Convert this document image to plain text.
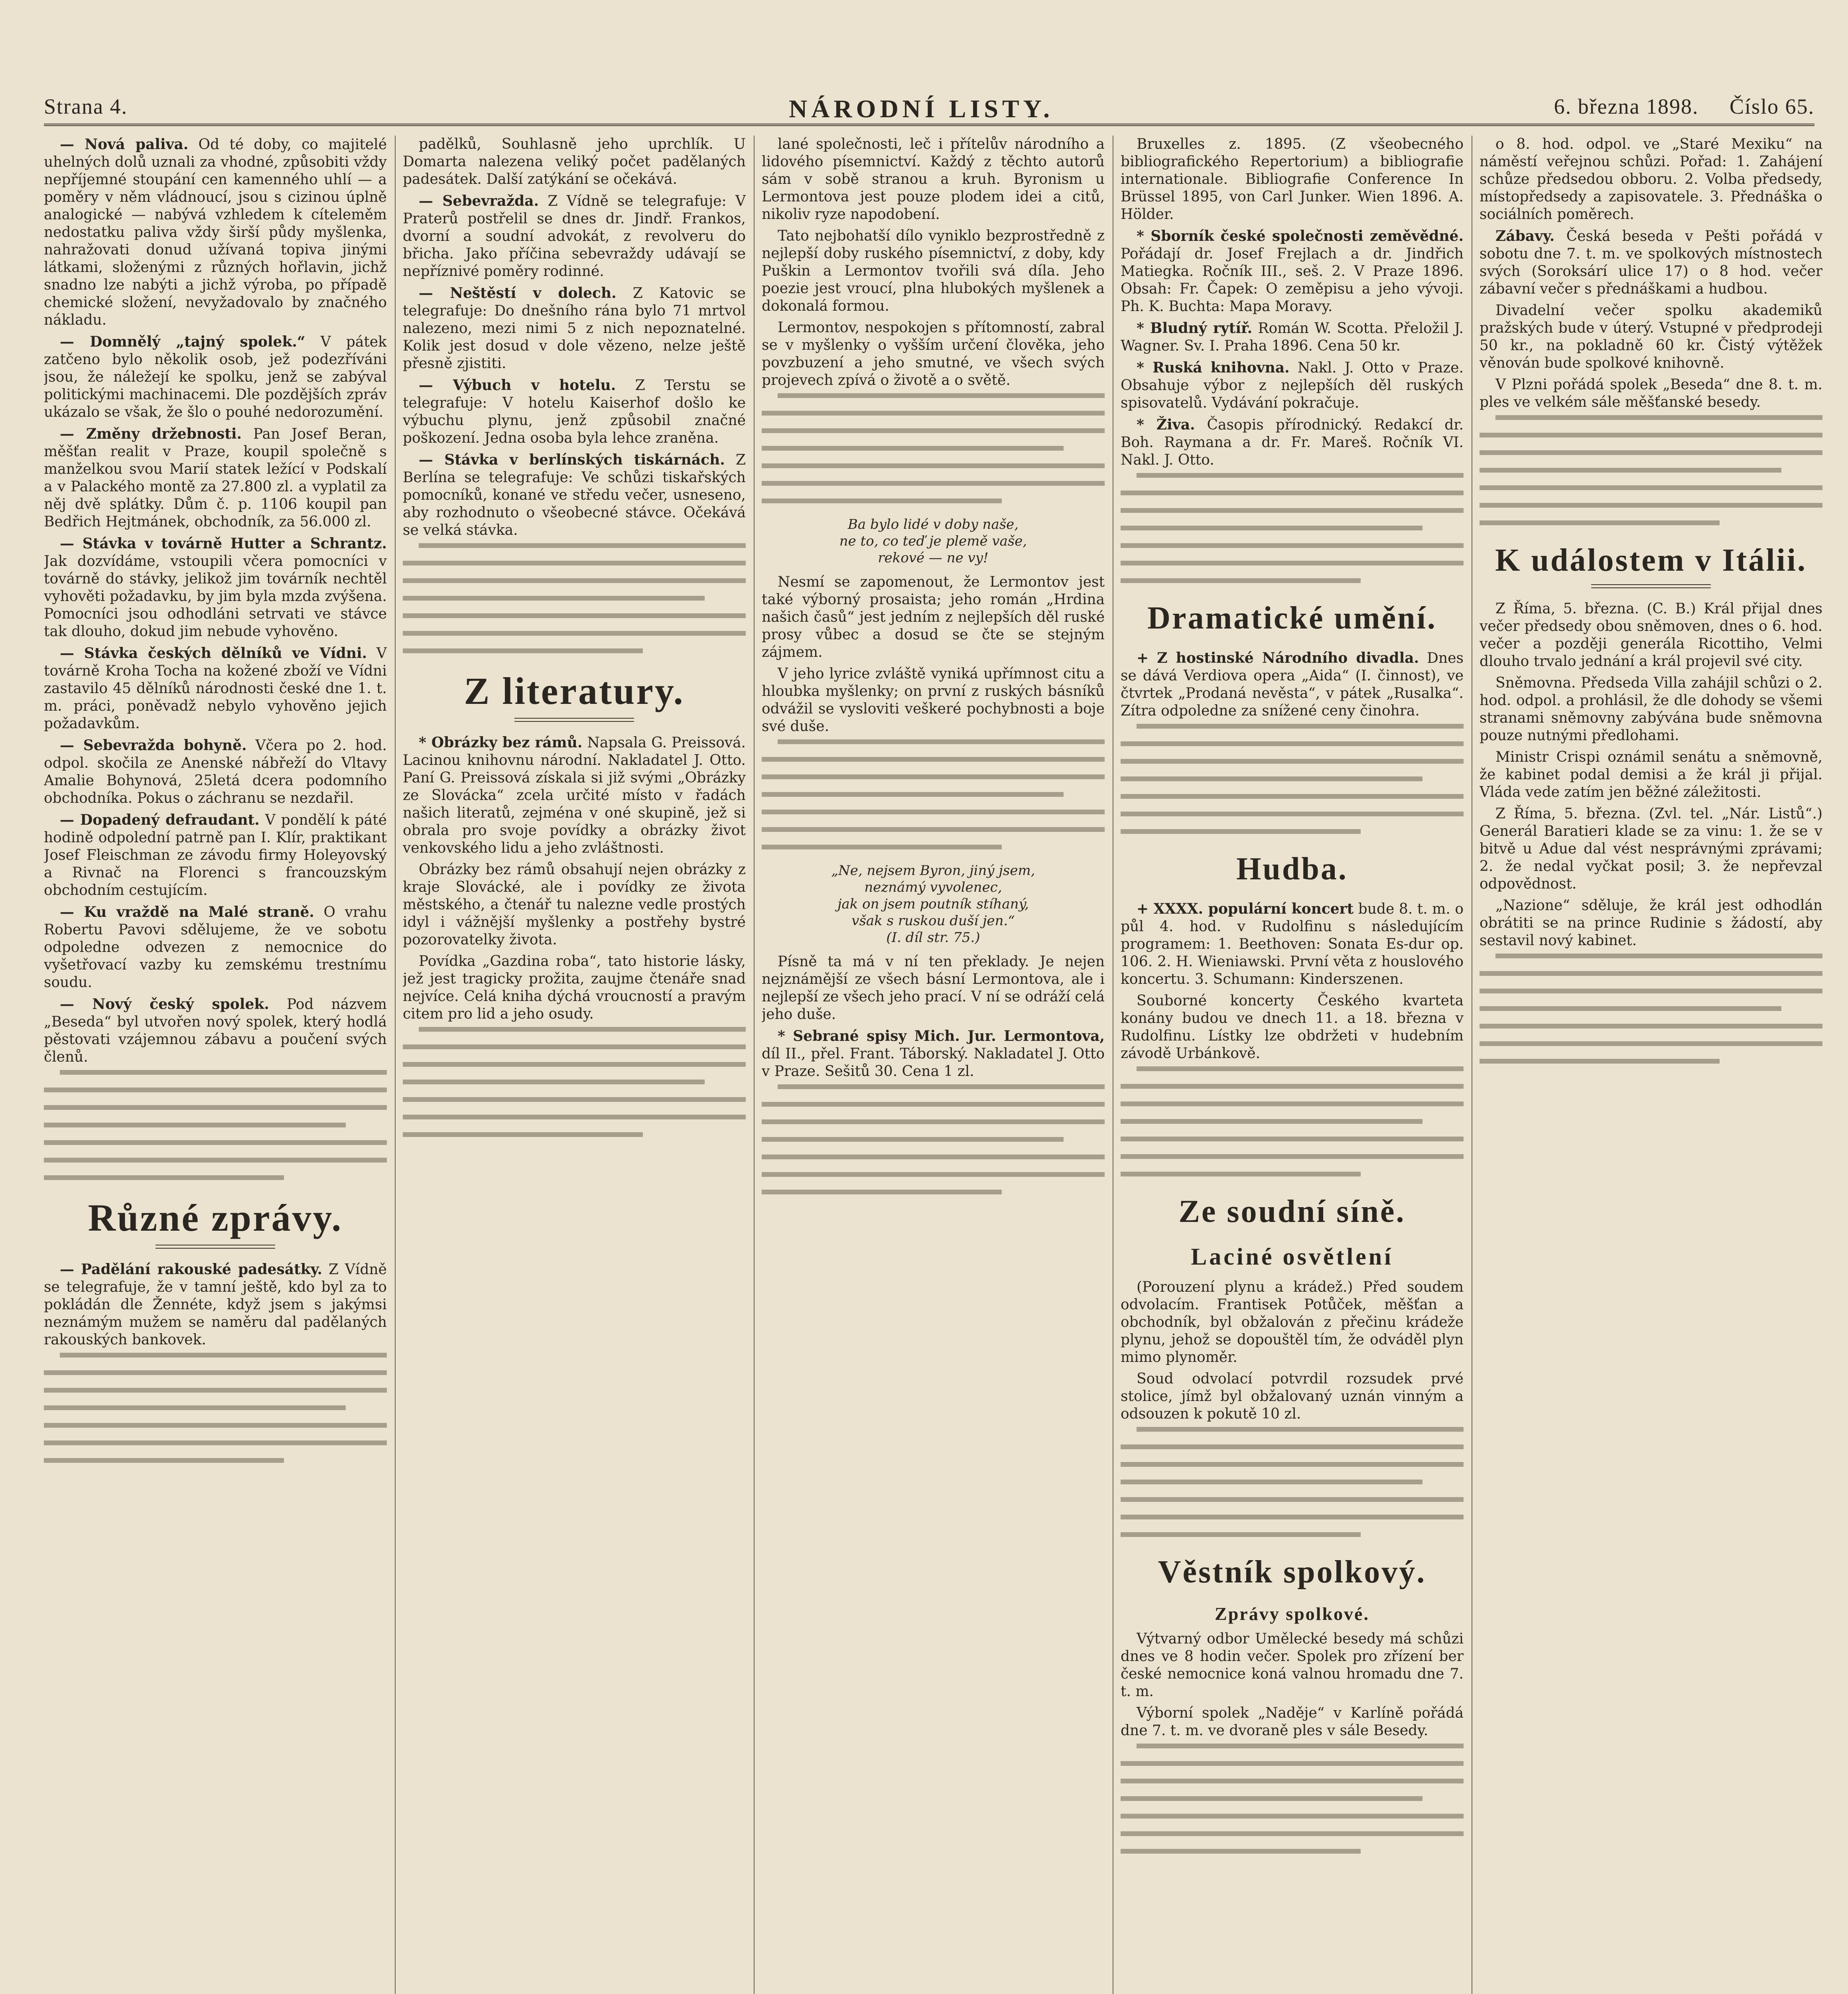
Strana 4.	NÁRODNÍ LISTY.	6. března 1898. Číslo 65.

— Nová paliva. Od té doby, co majitelé uhelných dolů uznali za vhodné, způsobiti vždy nepříjemné stoupání cen kamenného uhlí — a poměry v něm vládnoucí, jsou s cizinou úplně analogické — nabývá vzhledem k cíteleměm nedostatku paliva vždy širší půdy myšlenka, nahražovati donud užívaná topiva jinými látkami, složenými z různých hořlavin, jichž snadno lze nabýti a jichž výroba, po případě chemické složení, nevyžadovalo by značného nákladu.

— Domnělý „tajný spolek.“ V pátek zatčeno bylo několik osob, jež podezříváni jsou, že náležejí ke spolku, jenž se zabýval politickými machinacemi. Dle pozdějších zpráv ukázalo se však, že šlo o pouhé nedorozumění.

— Změny držebnosti. Pan Josef Beran, měšťan realit v Praze, koupil společně s manželkou svou Marií statek ležící v Podskalí a v Palackého montě za 27.800 zl. a vyplatil za něj dvě splátky. Dům č. p. 1106 koupil pan Bedřich Hejtmánek, obchodník, za 56.000 zl.

— Stávka v továrně Hutter a Schrantz. Jak dozvídáme, vstoupili včera pomocníci v továrně do stávky, jelikož jim továrník nechtěl vyhověti požadavku, by jim byla mzda zvýšena. Pomocníci jsou odhodláni setrvati ve stávce tak dlouho, dokud jim nebude vyhověno.

— Stávka českých dělníků ve Vídni. V továrně Kroha Tocha na kožené zboží ve Vídni zastavilo 45 dělníků národnosti české dne 1. t. m. práci, poněvadž nebylo vyhověno jejich požadavkům.

— Sebevražda bohyně. Včera po 2. hod. odpol. skočila ze Anenské nábřeží do Vltavy Amalie Bohynová, 25letá dcera podomního obchodníka. Pokus o záchranu se nezdařil.

— Dopadený defraudant. V pondělí k páté hodině odpolední patrně pan I. Klír, praktikant Josef Fleischman ze závodu firmy Holeyovský a Rivnač na Florenci s francouzským obchodním cestujícím.

— Ku vraždě na Malé straně. O vrahu Robertu Pavovi sdělujeme, že ve sobotu odpoledne odvezen z nemocnice do vyšetřovací vazby ku zemskému trestnímu soudu.

— Nový český spolek. Pod názvem „Beseda“ byl utvořen nový spolek, který hodlá pěstovati vzájemnou zábavu a poučení svých členů.

Různé zprávy.

— Padělání rakouské padesátky. Z Vídně se telegrafuje, že v tamní ještě, kdo byl za to pokládán dle Žennéte, když jsem s jakýmsi neznámým mužem se naměru dal padělaných rakouských bankovek.

padělků, Souhlasně jeho uprchlík. U Domarta nalezena veliký počet padělaných padesátek. Další zatýkání se očekává.

— Sebevražda. Z Vídně se telegrafuje: V Praterů postřelil se dnes dr. Jindř. Frankos, dvorní a soudní advokát, z revolveru do břicha. Jako příčina sebevraždy udávají se nepříznivé poměry rodinné.

— Neštěstí v dolech. Z Katovic se telegrafuje: Do dnešního rána bylo 71 mrtvol nalezeno, mezi nimi 5 z nich nepoznatelné. Kolik jest dosud v dole vězeno, nelze ještě přesně zjistiti.

— Výbuch v hotelu. Z Terstu se telegrafuje: V hotelu Kaiserhof došlo ke výbuchu plynu, jenž způsobil značné poškození. Jedna osoba byla lehce zraněna.

— Stávka v berlínských tiskárnách. Z Berlína se telegrafuje: Ve schůzi tiskařských pomocníků, konané ve středu večer, usneseno, aby rozhodnuto o všeobecné stávce. Očekává se velká stávka.

Z literatury.

* Obrázky bez rámů. Napsala G. Preissová. Lacinou knihovnu národní. Nakladatel J. Otto. Paní G. Preissová získala si již svými „Obrázky ze Slovácka“ zcela určité místo v řadách našich literatů, zejména v oné skupině, jež si obrala pro svoje povídky a obrázky život venkovského lidu a jeho zvláštnosti.

Obrázky bez rámů obsahují nejen obrázky z kraje Slovácké, ale i povídky ze života městského, a čtenář tu nalezne vedle prostých idyl i vážnější myšlenky a postřehy bystré pozorovatelky života.

Povídka „Gazdina roba“, tato historie lásky, jež jest tragicky prožita, zaujme čtenáře snad nejvíce. Celá kniha dýchá vroucností a pravým citem pro lid a jeho osudy.

lané společnosti, leč i přítelův národního a lidového písemnictví. Každý z těchto autorů sám v sobě stranou a kruh. Byronism u Lermontova jest pouze plodem idei a citů, nikoliv ryze napodobení.

Tato nejbohatší dílo vyniklo bezprostředně z nejlepší doby ruského písemnictví, z doby, kdy Puškin a Lermontov tvořili svá díla. Jeho poezie jest vroucí, plna hlubokých myšlenek a dokonalá formou.

Lermontov, nespokojen s přítomností, zabral se v myšlenky o vyšším určení člověka, jeho povzbuzení a jeho smutné, ve všech svých projevech zpívá o životě a o světě.

Ba bylo lidé v doby naše,
ne to, co teď je plemě vaše,
rekové — ne vy!

Nesmí se zapomenout, že Lermontov jest také výborný prosaista; jeho román „Hrdina našich časů“ jest jedním z nejlepších děl ruské prosy vůbec a dosud se čte se stejným zájmem.

V jeho lyrice zvláště vyniká upřímnost citu a hloubka myšlenky; on první z ruských básníků odvážil se vysloviti veškeré pochybnosti a boje své duše.

„Ne, nejsem Byron, jiný jsem,
neznámý vyvolenec,
jak on jsem poutník stíhaný,
však s ruskou duší jen.“
(I. díl str. 75.)

Písně ta má v ní ten překlady. Je nejen nejznámější ze všech básní Lermontova, ale i nejlepší ze všech jeho prací. V ní se odráží celá jeho duše.

* Sebrané spisy Mich. Jur. Lermontova, díl II., přel. Frant. Táborský. Nakladatel J. Otto v Praze. Sešitů 30. Cena 1 zl.

Bruxelles z. 1895. (Z všeobecného bibliografického Repertorium) a bibliografie internationale. Bibliografie Conference In Brüssel 1895, von Carl Junker. Wien 1896. A. Hölder.

* Sborník české společnosti zeměvědné. Pořádají dr. Josef Frejlach a dr. Jindřich Matiegka. Ročník III., seš. 2. V Praze 1896. Obsah: Fr. Čapek: O zeměpisu a jeho vývoji. Ph. K. Buchta: Mapa Moravy.

* Bludný rytíř. Román W. Scotta. Přeložil J. Wagner. Sv. I. Praha 1896. Cena 50 kr.

* Ruská knihovna. Nakl. J. Otto v Praze. Obsahuje výbor z nejlepších děl ruských spisovatelů. Vydávání pokračuje.

* Živa. Časopis přírodnický. Redakcí dr. Boh. Raymana a dr. Fr. Mareš. Ročník VI. Nakl. J. Otto.

Dramatické umění.

+ Z hostinské Národního divadla. Dnes se dává Verdiova opera „Aida“ (I. činnost), ve čtvrtek „Prodaná nevěsta“, v pátek „Rusalka“. Zítra odpoledne za snížené ceny činohra.

Hudba.

+ XXXX. populární koncert bude 8. t. m. o půl 4. hod. v Rudolfinu s následujícím programem: 1. Beethoven: Sonata Es-dur op. 106. 2. H. Wieniawski. První věta z houslového koncertu. 3. Schumann: Kinderszenen.

Souborné koncerty Českého kvarteta konány budou ve dnech 11. a 18. března v Rudolfinu. Lístky lze obdržeti v hudebním závodě Urbánkově.

Ze soudní síně.
Laciné osvětlení

(Porouzení plynu a krádež.) Před soudem odvolacím. Frantisek Potůček, měšťan a obchodník, byl obžalován z přečinu krádeže plynu, jehož se dopouštěl tím, že odváděl plyn mimo plynoměr.

Soud odvolací potvrdil rozsudek prvé stolice, jímž byl obžalovaný uznán vinným a odsouzen k pokutě 10 zl.

Věstník spolkový.
Zprávy spolkové.

Výtvarný odbor Umělecké besedy má schůzi dnes ve 8 hodin večer. Spolek pro zřízení ber české nemocnice koná valnou hromadu dne 7. t. m.

Výborní spolek „Naděje“ v Karlíně pořádá dne 7. t. m. ve dvoraně ples v sále Besedy.

o 8. hod. odpol. ve „Staré Mexiku“ na náměstí veřejnou schůzi. Pořad: 1. Zahájení schůze předsedou obboru. 2. Volba předsedy, místopředsedy a zapisovatele. 3. Přednáška o sociálních poměrech.

Zábavy. Česká beseda v Pešti pořádá v sobotu dne 7. t. m. ve spolkových místnostech svých (Soroksárí ulice 17) o 8 hod. večer zábavní večer s přednáškami a hudbou.

Divadelní večer spolku akademiků pražských bude v úterý. Vstupné v předprodeji 50 kr., na pokladně 60 kr. Čistý výtěžek věnován bude spolkové knihovně.

V Plzni pořádá spolek „Beseda“ dne 8. t. m. ples ve velkém sále měšťanské besedy.

K událostem v Itálii.

Z Říma, 5. března. (C. B.) Král přijal dnes večer předsedy obou sněmoven, dnes o 6. hod. večer a později generála Ricottiho, Velmi dlouho trvalo jednání a král projevil své city.

Sněmovna. Předseda Villa zahájil schůzi o 2. hod. odpol. a prohlásil, že dle dohody se všemi stranami sněmovny zabývána bude sněmovna pouze nutnými předlohami.

Ministr Crispi oznámil senátu a sněmovně, že kabinet podal demisi a že král ji přijal. Vláda vede zatím jen běžné záležitosti.

Z Říma, 5. března. (Zvl. tel. „Nár. Listů“.) Generál Baratieri klade se za vinu: 1. že se v bitvě u Adue dal vést nesprávnými zprávami; 2. že nedal vyčkat posil; 3. že nepřevzal odpovědnost.

„Nazione“ sděluje, že král jest odhodlán obrátiti se na prince Rudinie s žádostí, aby sestavil nový kabinet.
